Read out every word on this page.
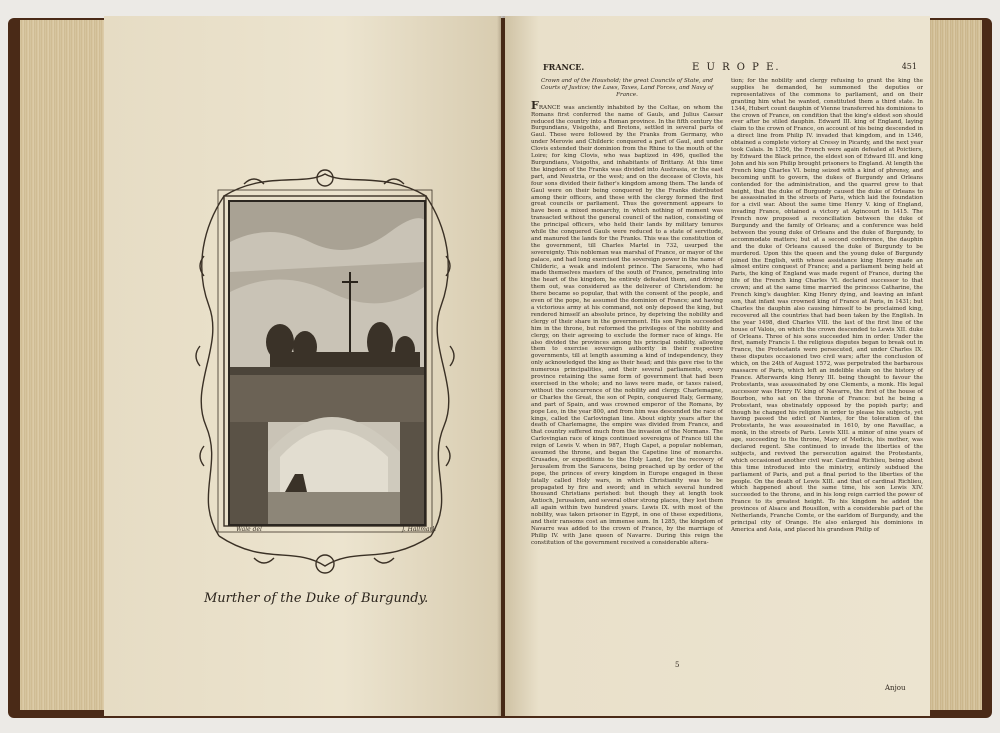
Wale del	J. Hallmark
Murther of the Duke of Burgundy.
FRANCE.	E U R O P E.	451
Crown and of the Houshold; the great Councils of State, and Courts of Justice; the Laws, Taxes, Land Forces, and Navy of France.
FRANCE was anciently inhabited by the Celtae, on whom the Romans first conferred the name of Gauls, and Julius Caesar reduced the country into a Roman province. In the fifth century the Burgundians, Visigoths, and Bretons, settled in several parts of Gaul. These were followed by the Franks from Germany, who under Merovie and Childeric conquered a part of Gaul, and under Clovis extended their dominion from the Rhine to the mouth of the Loire; for king Clovis, who was baptized in 496, quelled the Burgundians, Visigoths, and inhabitants of Brittany. At this time the kingdom of the Franks was divided into Austrasia, or the east part, and Neustria, or the west; and on the decease of Clovis, his four sons divided their father's kingdom among them. The lands of Gaul were on their being conquered by the Franks distributed among their officers, and these with the clergy formed the first great councils or parliament. Thus the government appears to have been a mixed monarchy, in which nothing of moment was transacted without the general council of the nation, consisting of the principal officers, who held their lands by military tenures while the conquered Gauls were reduced to a state of servitude, and manured the lands for the Franks. This was the constitution of the government, till Charles Martel in 732, usurped the sovereignty. This nobleman was marshal of France, or mayor of the palace, and had long exercised the sovereign power in the name of Childeric, a weak and indolent prince. The Saracens, who had made themselves masters of the south of France, penetrating into the heart of the kingdom, he entirely defeated them, and driving them out, was considered as the deliverer of Christendom: he there became so popular, that with the consent of the people, and even of the pope, he assumed the dominion of France; and having a victorious army at his command, not only deposed the king, but rendered himself an absolute prince, by depriving the nobility and clergy of their share in the government. His son Pepin succeeded him in the throne, but reformed the privileges of the nobility and clergy, on their agreeing to exclude the former race of kings. He also divided the provinces among his principal nobility, allowing them to exercise sovereign authority in their respective governments, till at length assuming a kind of independency, they only acknowledged the king as their head; and this gave rise to the numerous principalities, and their several parliaments, every province retaining the same form of government that had been exercised in the whole; and no laws were made, or taxes raised, without the concurrence of the nobility and clergy. Charlemagne, or Charles the Great, the son of Pepin, conquered Italy, Germany, and part of Spain, and was crowned emperor of the Romans, by pope Leo, in the year 800, and from him was descended the race of kings, called the Carlovingian line. About eighty years after the death of Charlemagne, the empire was divided from France, and that country suffered much from the invasion of the Normans. The Carlovingian race of kings continued sovereigns of France till the reign of Lewis V. when in 987, Hugh Capet, a popular nobleman, assumed the throne, and began the Capetine line of monarchs. Crusades, or expeditions to the Holy Land, for the recovery of Jerusalem from the Saracens, being preached up by order of the pope, the princes of every kingdom in Europe engaged in these fatally called Holy wars, in which Christianity was to be propagated by fire and sword; and in which several hundred thousand Christians perished: but though they at length took Antioch, Jerusalem, and several other strong places, they lost them all again within two hundred years. Lewis IX. with most of the nobility, was taken prisoner in Egypt, in one of these expeditions, and their ransoms cost an immense sum. In 1285, the kingdom of Navarre was added to the crown of France, by the marriage of Philip IV. with Jane queen of Navarre. During this reign the constitution of the government received a considerable altera-
tion; for the nobility and clergy refusing to grant the king the supplies he demanded, he summoned the deputies or representatives of the commons to parliament, and on their granting him what he wanted, constituted them a third state. In 1344, Hubert count dauphin of Vienne transferred his dominions to the crown of France, on condition that the king's eldest son should ever after be stiled dauphin. Edward III. king of England, laying claim to the crown of France, on account of his being descended in a direct line from Philip IV. invaded that kingdom, and in 1346, obtained a complete victory at Cressy in Picardy, and the next year took Calais. In 1356, the French were again defeated at Poictiers, by Edward the Black prince, the eldest son of Edward III. and king John and his son Philip brought prisoners to England. At length the French king Charles VI. being seized with a kind of phrensy, and becoming unfit to govern, the dukes of Burgundy and Orleans contended for the administration, and the quarrel grew to that height, that the duke of Burgundy caused the duke of Orleans to be assassinated in the streets of Paris, which laid the foundation for a civil war. About the same time Henry V. king of England, invading France, obtained a victory at Agincourt in 1415. The French now proposed a reconciliation between the duke of Burgundy and the family of Orleans; and a conference was held between the young duke of Orleans and the duke of Burgundy, to accommodate matters; but at a second conference, the dauphin and the duke of Orleans caused the duke of Burgundy to be murdered. Upon this the queen and the young duke of Burgundy joined the English, with whose assistance king Henry made an almost entire conquest of France; and a parliament being held at Paris, the king of England was made regent of France, during the life of the French king Charles VI. declared successor to that crown; and at the same time married the princess Catharine, the French king's daughter. King Henry dying, and leaving an infant son, that infant was crowned king of France at Paris, in 1431; but Charles the dauphin also causing himself to be proclaimed king, recovered all the countries that had been taken by the English. In the year 1498, died Charles VIII. the last of the first line of the house of Valois, on which the crown descended to Lewis XII. duke of Orleans. Three of his sons succeeded him in order. Under the first, namely Francis I. the religious disputes began to break out in France, the Protestants were persecuted, and under Charles IX. these disputes occasioned two civil wars; after the conclusion of which, on the 24th of August 1572, was perpetrated the barbarous massacre of Paris, which left an indelible stain on the history of France. Afterwards king Henry III. being thought to favour the Protestants, was assassinated by one Clements, a monk. His legal successor was Henry IV. king of Navarre, the first of the house of Bourbon, who sat on the throne of France: but he being a Protestant, was obstinately opposed by the popish party; and though he changed his religion in order to please his subjects, yet having passed the edict of Nantes, for the toleration of the Protestants, he was assassinated in 1610, by one Ravaillac, a monk, in the streets of Paris. Lewis XIII. a minor of nine years of age, succeeding to the throne, Mary of Medicis, his mother, was declared regent. She continued to invade the liberties of the subjects, and revived the persecution against the Protestants, which occasioned another civil war. Cardinal Richlieu, being about this time introduced into the ministry, entirely subdued the parliament of Paris, and put a final period to the liberties of the people. On the death of Lewis XIII. and that of cardinal Richlieu, which happened about the same time, his son Lewis XIV. succeeded to the throne, and in his long reign carried the power of France to its greatest height. To his kingdom he added the provinces of Alsace and Rousillon, with a considerable part of the Netherlands, Franche Comte, or the earldom of Burgundy, and the principal city of Orange. He also enlarged his dominions in America and Asia, and placed his grandson Philip of
5
Anjou
